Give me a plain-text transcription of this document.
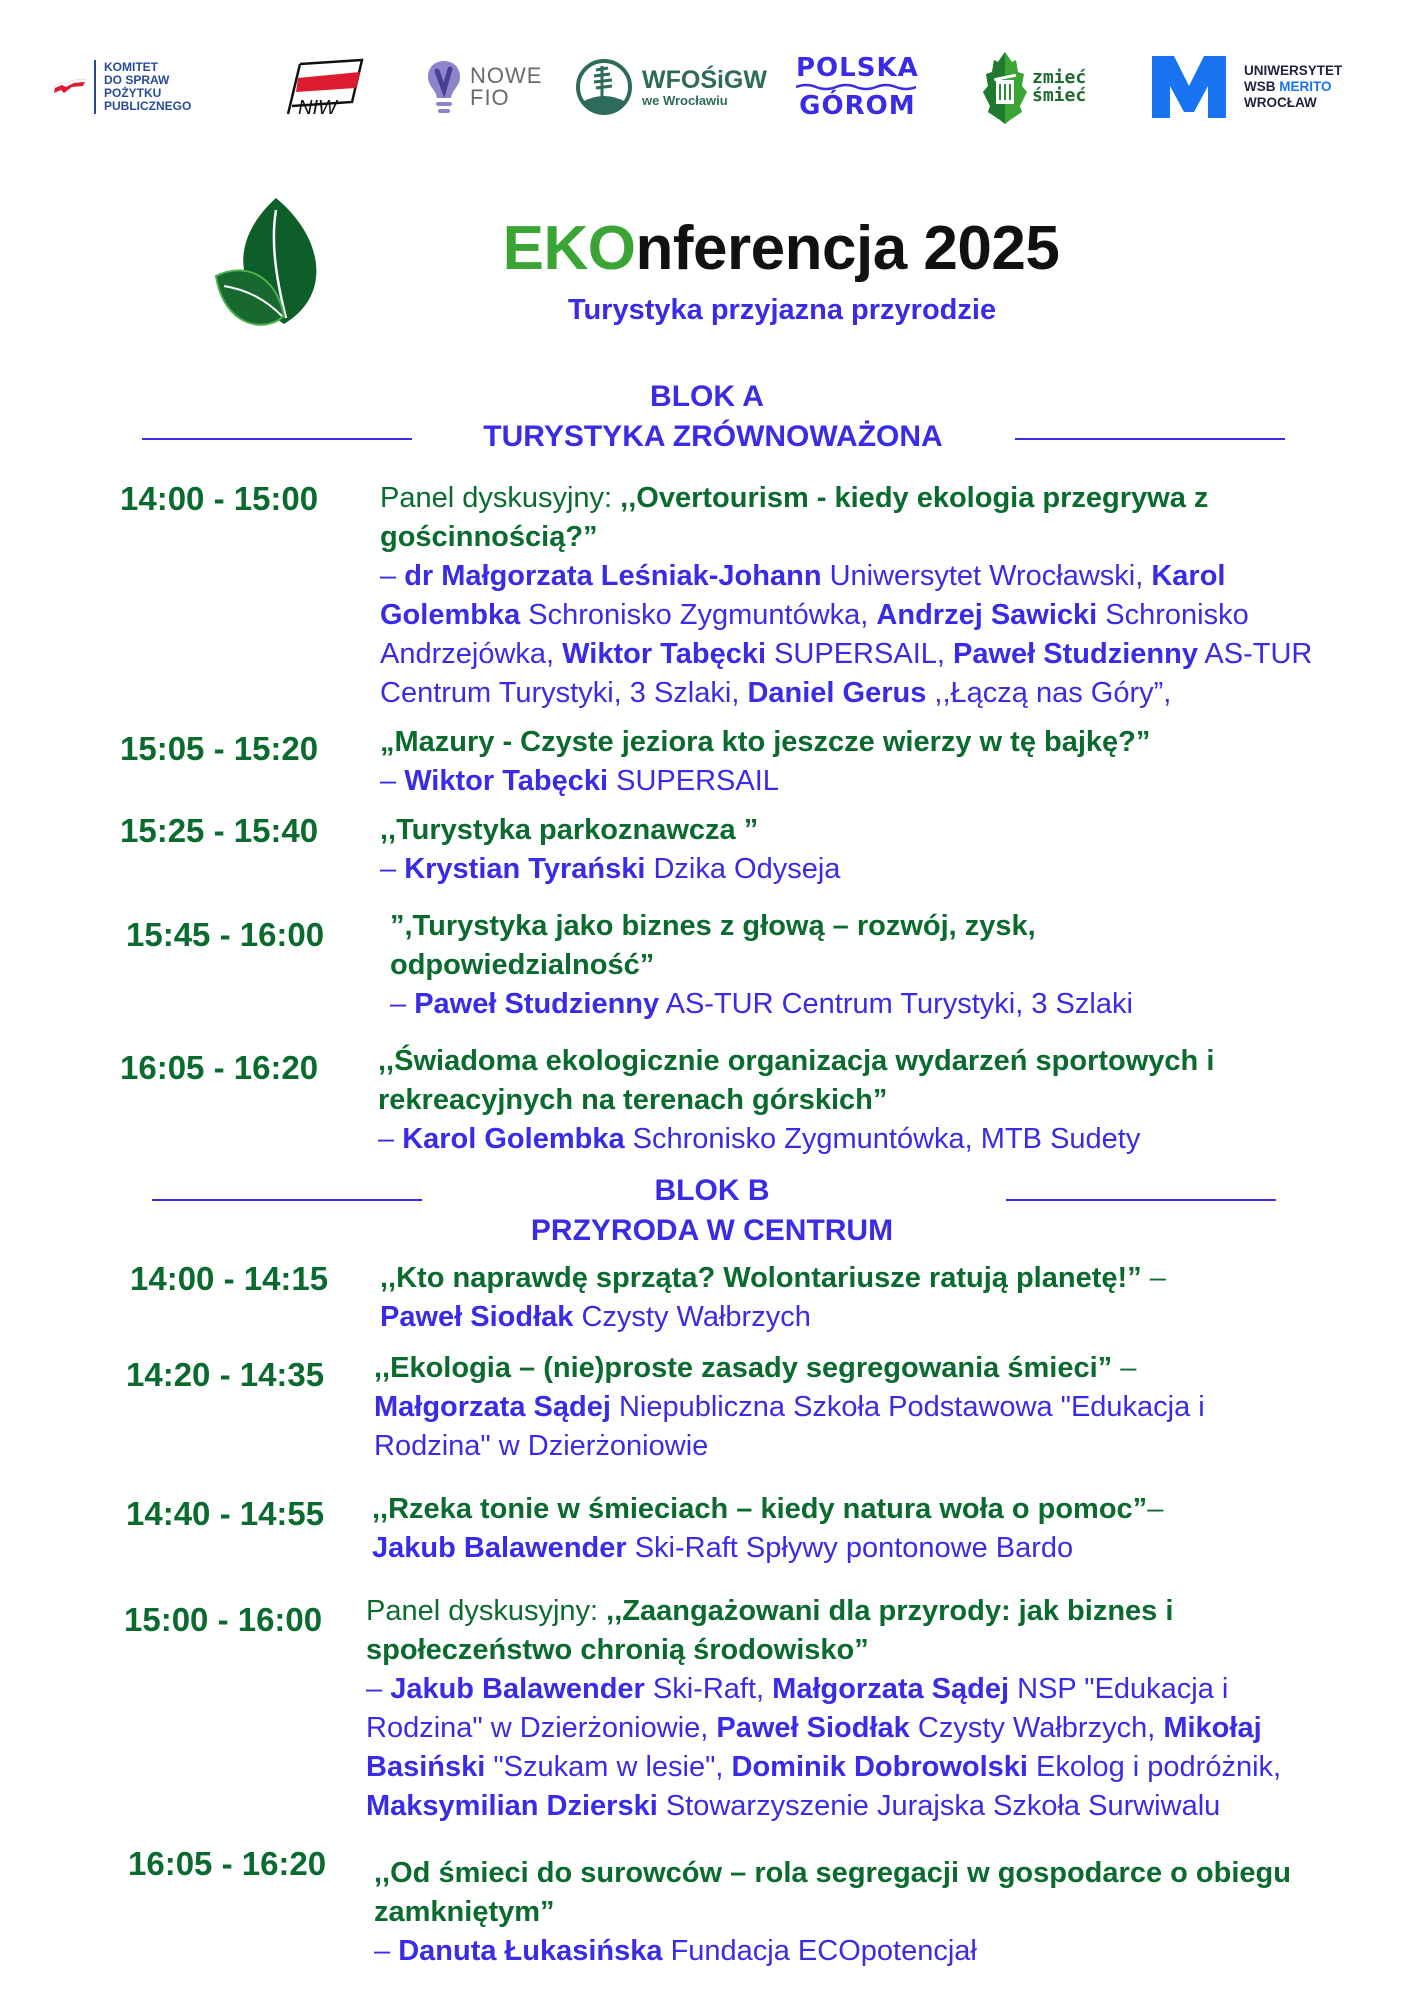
KOMITET
DO SPRAW
POŻYTKU
PUBLICZNEGO	NIW
NOWE
FIO
WFOŚiGW
we Wrocławiu
POLSKA
GÓROM
zmieć
śmieć
UNIWERSYTET
WSB MERITO
WROCŁAW
EKOnferencja 2025
Turystyka przyjazna przyrodzie
BLOK A
TURYSTYKA ZRÓWNOWAŻONA
14:00 - 15:00	Panel dyskusyjny: ,,Overtourism - kiedy ekologia przegrywa z gościnnością?”
– dr Małgorzata Leśniak-Johann Uniwersytet Wrocławski, Karol Golembka Schronisko Zygmuntówka, Andrzej Sawicki Schronisko Andrzejówka, Wiktor Tabęcki SUPERSAIL, Paweł Studzienny AS-TUR Centrum Turystyki, 3 Szlaki, Daniel Gerus ,,Łączą nas Góry”,
15:05 - 15:20	„Mazury - Czyste jeziora kto jeszcze wierzy w tę bajkę?”
– Wiktor Tabęcki SUPERSAIL
15:25 - 15:40	,,Turystyka parkoznawcza ”
– Krystian Tyrański Dzika Odyseja
15:45 - 16:00	”,Turystyka jako biznes z głową – rozwój, zysk, odpowiedzialność”
– Paweł Studzienny AS-TUR Centrum Turystyki, 3 Szlaki
16:05 - 16:20	,,Świadoma ekologicznie organizacja wydarzeń sportowych i rekreacyjnych na terenach górskich”
– Karol Golembka Schronisko Zygmuntówka, MTB Sudety
BLOK B
PRZYRODA W CENTRUM
14:00 - 14:15	,,Kto naprawdę sprząta? Wolontariusze ratują planetę!” –
Paweł Siodłak Czysty Wałbrzych
14:20 - 14:35	,,Ekologia – (nie)proste zasady segregowania śmieci” –
Małgorzata Sądej Niepubliczna Szkoła Podstawowa "Edukacja i Rodzina" w Dzierżoniowie
14:40 - 14:55	,,Rzeka tonie w śmieciach – kiedy natura woła o pomoc”–
Jakub Balawender Ski-Raft Spływy pontonowe Bardo
15:00 - 16:00	Panel dyskusyjny: ,,Zaangażowani dla przyrody: jak biznes i społeczeństwo chronią środowisko”
– Jakub Balawender Ski-Raft, Małgorzata Sądej NSP "Edukacja i Rodzina" w Dzierżoniowie, Paweł Siodłak Czysty Wałbrzych, Mikołaj Basiński "Szukam w lesie", Dominik Dobrowolski Ekolog i podróżnik, Maksymilian Dzierski Stowarzyszenie Jurajska Szkoła Surwiwalu
16:05 - 16:20	,,Od śmieci do surowców – rola segregacji w gospodarce o obiegu zamkniętym”
– Danuta Łukasińska Fundacja ECOpotencjał
